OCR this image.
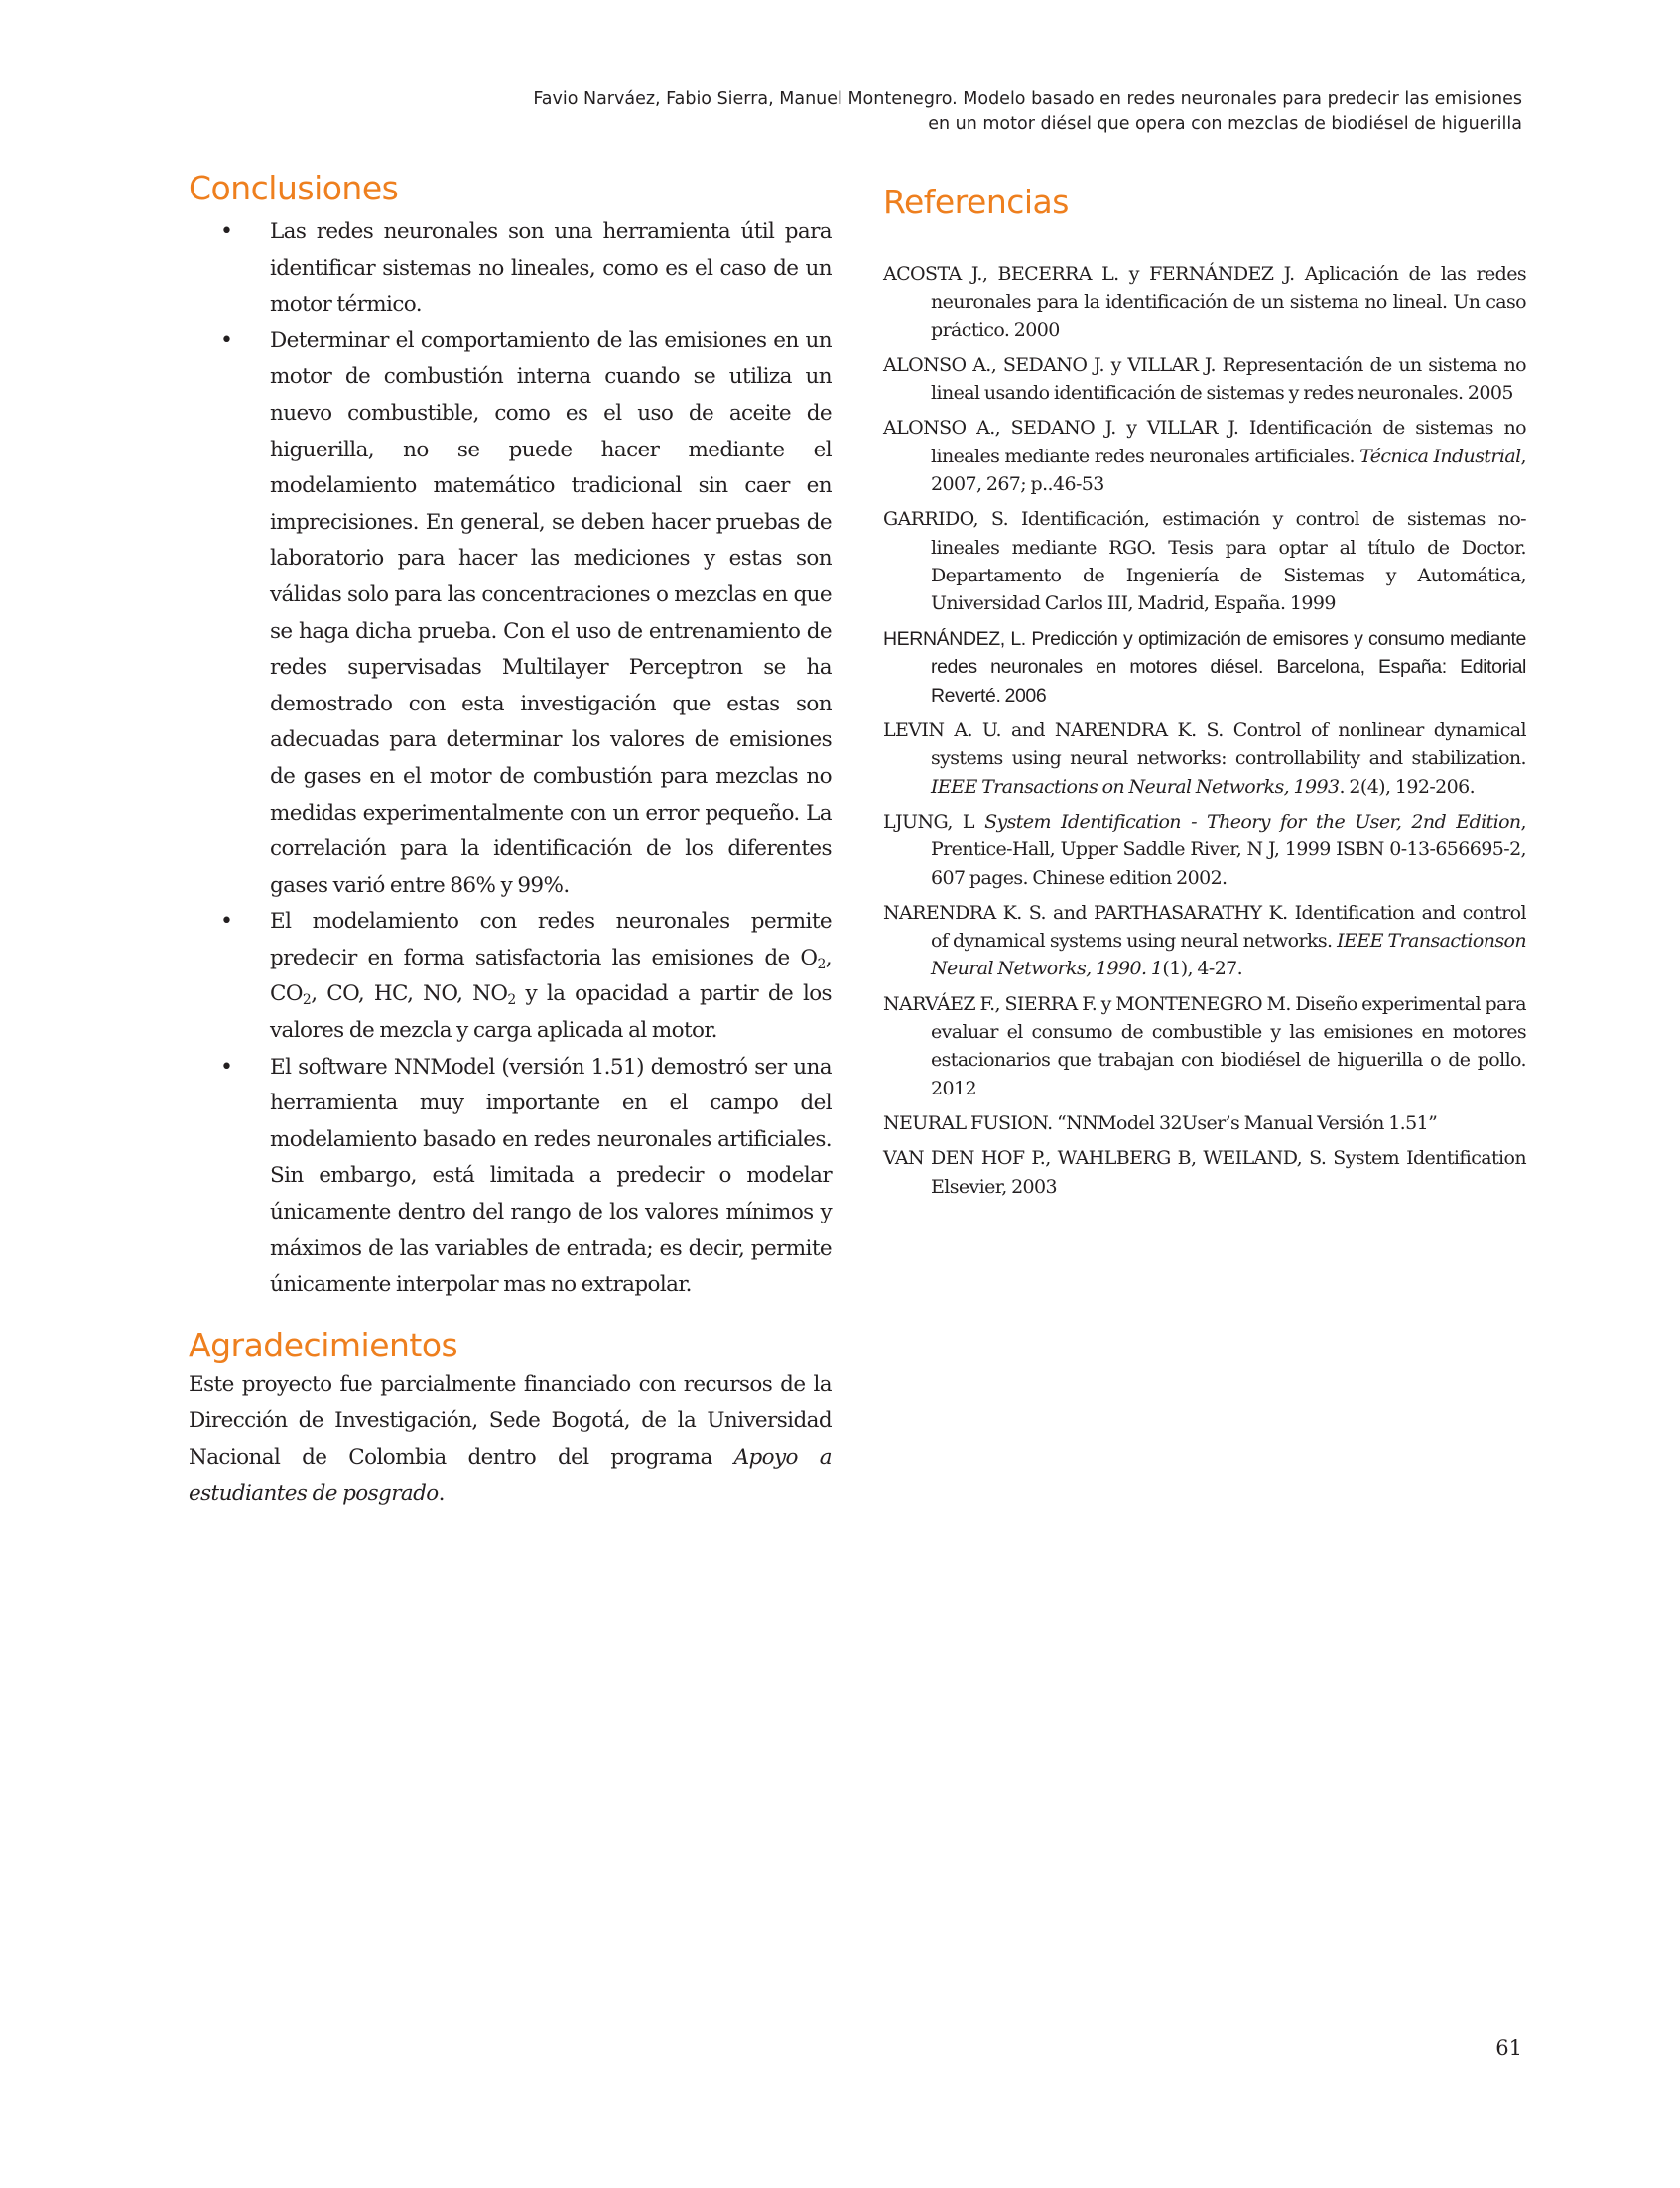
Favio Narváez, Fabio Sierra, Manuel Montenegro. Modelo basado en redes neuronales para predecir las emisiones
en un motor diésel que opera con mezclas de biodiésel de higuerilla
Conclusiones
• Las redes neuronales son una herramienta útil para identificar sistemas no lineales, como es el caso de un motor térmico.
• Determinar el comportamiento de las emisiones en un motor de combustión interna cuando se utiliza un nuevo combustible, como es el uso de aceite de higuerilla, no se puede hacer mediante el modelamiento matemático tradicional sin caer en imprecisiones. En general, se deben hacer pruebas de laboratorio para hacer las mediciones y estas son válidas solo para las concentraciones o mezclas en que se haga dicha prueba. Con el uso de entrenamiento de redes supervisadas Multilayer Perceptron se ha demostrado con esta investigación que estas son adecuadas para determinar los valores de emisiones de gases en el motor de combustión para mezclas no medidas experimentalmente con un error pequeño. La correlación para la identificación de los diferentes gases varió entre 86% y 99%.
• El modelamiento con redes neuronales permite predecir en forma satisfactoria las emisiones de $O_2$, $CO_2$, CO, HC, NO, $NO_2$ y la opacidad a partir de los valores de mezcla y carga aplicada al motor.
• El software NNModel (versión 1.51) demostró ser una herramienta muy importante en el campo del modelamiento basado en redes neuronales artificiales. Sin embargo, está limitada a predecir o modelar únicamente dentro del rango de los valores mínimos y máximos de las variables de entrada; es decir, permite únicamente interpolar mas no extrapolar.
Agradecimientos

Este proyecto fue parcialmente financiado con recursos de la Dirección de Investigación, Sede Bogotá, de la Universidad Nacional de Colombia dentro del programa Apoyo a estudiantes de posgrado.

Referencias

ACOSTA J., BECERRA L. y FERNÁNDEZ J. Aplicación de las redes neuronales para la identificación de un sistema no lineal. Un caso práctico. 2000

ALONSO A., SEDANO J. y VILLAR J. Representación de un sistema no lineal usando identificación de sistemas y redes neuronales. 2005

ALONSO A., SEDANO J. y VILLAR J. Identificación de sistemas no lineales mediante redes neuronales artificiales. Técnica Industrial, 2007, 267; p..46-53

GARRIDO, S. Identificación, estimación y control de sistemas no-lineales mediante RGO. Tesis para optar al título de Doctor. Departamento de Ingeniería de Sistemas y Automática, Universidad Carlos III, Madrid, España. 1999

HERNÁNDEZ, L. Predicción y optimización de emisores y consumo mediante redes neuronales en motores diésel. Barcelona, España: Editorial Reverté. 2006

LEVIN A. U. and NARENDRA K. S. Control of nonlinear dynamical systems using neural networks: controllability and stabilization. IEEE Transactions on Neural Networks, 1993. 2(4), 192-206.

LJUNG, L System Identification - Theory for the User, 2nd Edition, Prentice-Hall, Upper Saddle River, N J, 1999 ISBN 0-13-656695-2, 607 pages. Chinese edition 2002.

NARENDRA K. S. and PARTHASARATHY K. Identification and control of dynamical systems using neural networks. IEEE Transactionson Neural Networks, 1990. 1(1), 4-27.

NARVÁEZ F., SIERRA F. y MONTENEGRO M. Diseño experimental para evaluar el consumo de combustible y las emisiones en motores estacionarios que trabajan con biodiésel de higuerilla o de pollo. 2012

NEURAL FUSION. “NNModel 32User’s Manual Versión 1.51”

VAN DEN HOF P., WAHLBERG B, WEILAND, S. System Identification Elsevier, 2003

61
